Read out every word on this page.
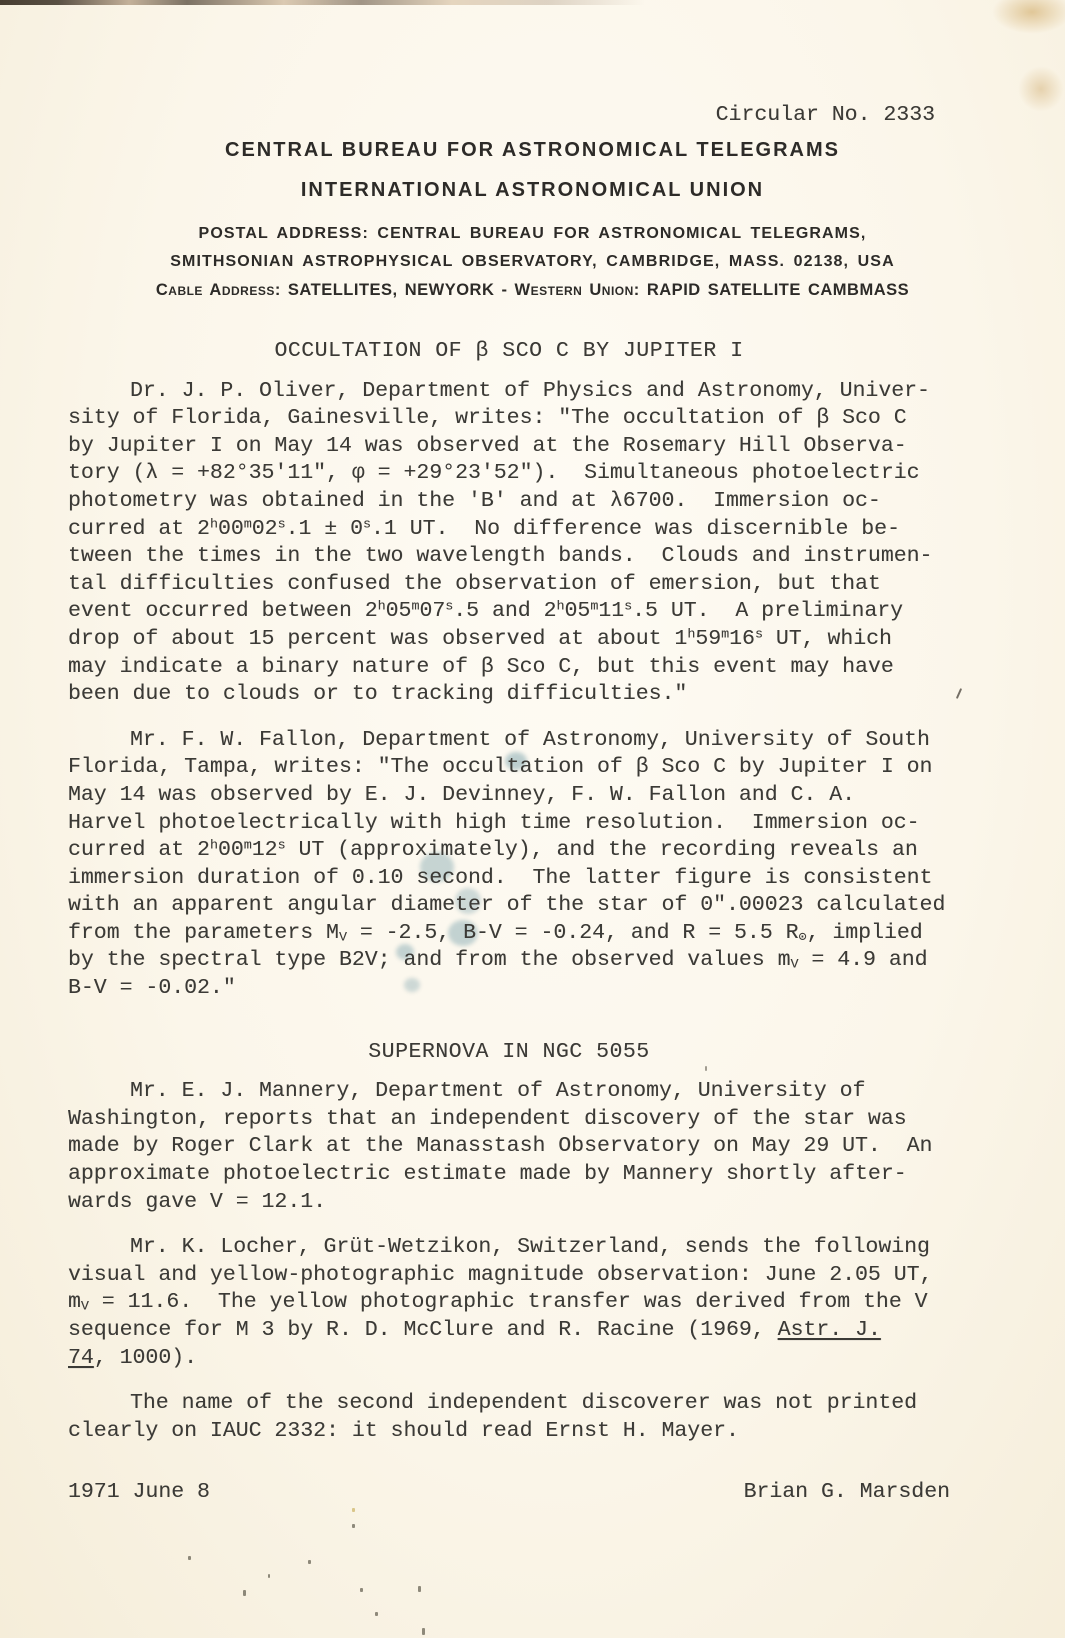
Circular No. 2333
CENTRAL BUREAU FOR ASTRONOMICAL TELEGRAMS
INTERNATIONAL ASTRONOMICAL UNION
POSTAL ADDRESS: CENTRAL BUREAU FOR ASTRONOMICAL TELEGRAMS,
SMITHSONIAN ASTROPHYSICAL OBSERVATORY, CAMBRIDGE, MASS. 02138, USA
Cable Address: SATELLITES, NEWYORK - Western Union: RAPID SATELLITE CAMBMASS
OCCULTATION OF β SCO C BY JUPITER I

Dr. J. P. Oliver, Department of Physics and Astronomy, Univer-
sity of Florida, Gainesville, writes: "The occultation of β Sco C
by Jupiter I on May 14 was observed at the Rosemary Hill Observa-
tory (λ = +82°35'11", φ = +29°23'52").  Simultaneous photoelectric
photometry was obtained in the 'B' and at λ6700.  Immersion oc-
curred at $2^h00^m02^s.1 \pm 0^s.1$ UT.  No difference was discernible be-
tween the times in the two wavelength bands.  Clouds and instrumen-
tal difficulties confused the observation of emersion, but that
event occurred between 2$^h$05$^m$07$^s$.5 and 2$^h$05$^m$11$^s$.5 UT.  A preliminary
drop of about 15 percent was observed at about 1$^h$59$^m$16$^s$ UT, which
may indicate a binary nature of β Sco C, but this event may have
been due to clouds or to tracking difficulties."

Mr. F. W. Fallon, Department of Astronomy, University of South
Florida, Tampa, writes: "The occultation of β Sco C by Jupiter I on
May 14 was observed by E. J. Devinney, F. W. Fallon and C. A.
Harvel photoelectrically with high time resolution.  Immersion oc-
curred at 2$^h$00$^m$12$^s$ UT (approximately), and the recording reveals an
immersion duration of 0.10 second.  The latter figure is consistent
with an apparent angular diameter of the star of 0″.00023 calculated
from the parameters $M_V = -2.5$, B-V = -0.24, and R = 5.5 $R_⊙$, implied
by the spectral type B2V; and from the observed values $m_V = 4.9$ and
B-V = -0.02."

SUPERNOVA IN NGC 5055

Mr. E. J. Mannery, Department of Astronomy, University of
Washington, reports that an independent discovery of the star was
made by Roger Clark at the Manasstash Observatory on May 29 UT.  An
approximate photoelectric estimate made by Mannery shortly after-
wards gave V = 12.1.

Mr. K. Locher, Grüt-Wetzikon, Switzerland, sends the following
visual and yellow-photographic magnitude observation: June 2.05 UT,
$m_V = 11.6$.  The yellow photographic transfer was derived from the V
sequence for M 3 by R. D. McClure and R. Racine (1969, Astr. J.
74, 1000).

The name of the second independent discoverer was not printed
clearly on IAUC 2332: it should read Ernst H. Mayer.

1971 June 8	Brian G. Marsden
